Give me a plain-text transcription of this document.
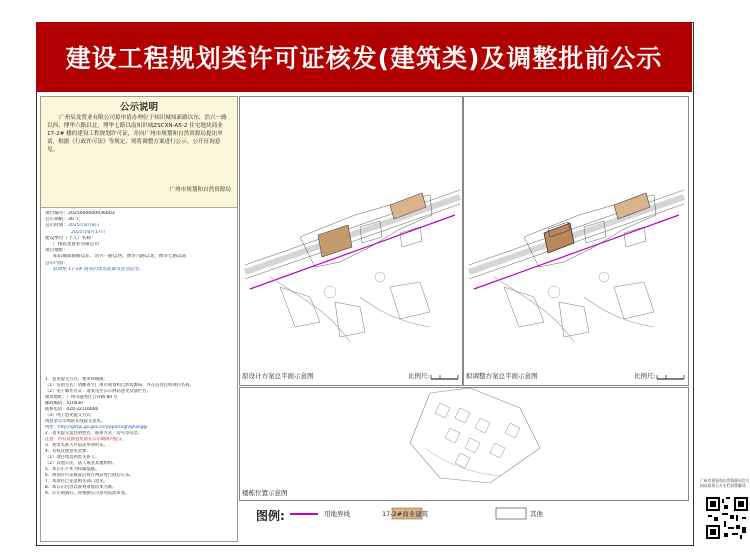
建设工程规划类许可证核发(建筑类)及调整批前公示
公示说明
广州辰龙置业有限公司拟申请办理位于知识城知新路以东，浩兴一路以西，博华六路以北，博华七路以南知识城ZSCXN-A5-2 住宅地块商业 17-2# 楼的建设工程规划许可证，并向广州市规划和自然资源局提出申请，根据《行政许可法》等规定，现将调整方案进行公示，公开征询意见。
广州市规划和自然资源局
项目编号：2025060000036603
公示期限：30 天
公示时间：2025年8月8日
2025年8月17日
建设单位（个人）名称：
广州辰龙置业有限公司
项目地址：
知识城知新路以东、浩兴一路以西、博华六路以北、博华七路以南
公示内容：
拟调整 17-2# 商业的建筑轮廓及屋顶造型。
1．意见提交方式、要求和期限：
（1）信函方式：请邮寄至广州市规划和自然资源局，并在信封注明项目名称。
（2）电子邮件方式：请发送至公示网站意见反馈栏目。
通讯地址：广州市越秀区吉祥路 80 号
邮政编码：510030
联系电话：020-32116666
（3）网上意见提交方式：
请登录公示网站在线提交意见。
网址：http://ghzyj.gz.gov.cn/ywpd/csgh/ghxkgg/
2．意见提交需注明姓名、联系方式、房号等信息。
注意：所有反馈意见请在公示期限内提交。
3．利害关系人可依法申请听证。
4．有权反馈意见对象：
（1）项目周边利害关系人；
（2）其他公民、法人或者其他组织。
5．本公示不作为权属依据。
6．规划许可证核发后将在网站进行批后公布。
7．本项目已征求相关部门意见。
8．本公示内容以规划审批结果为准。
9．公示期满后，将根据公示意见依法审查。
原设计方案总平面示意图	比例尺:	拟调整方案总平面示意图	比例尺:
楼栋位置示意图
图例:	用地界线	17-2#商业建筑	其他
广州市规划和自然资源局官方网站政务公开专栏政策解读
